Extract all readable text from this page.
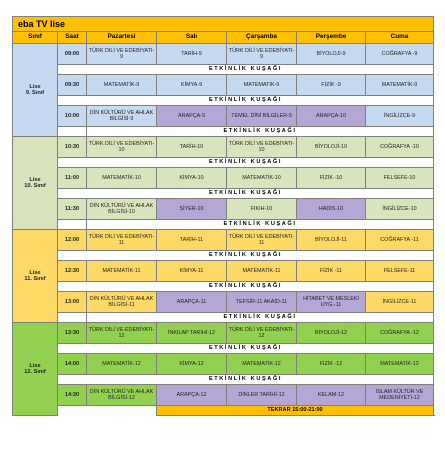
eba TV lise						
Sınıf	Saat	Pazartesi	Salı	Çarşamba	Perşembe	Cuma

Lise
9. Sınıf	09:00	TÜRK DİLİ VE EDEBİYATI-9	TARİH-9	TÜRK DİLİ VE EDEBİYATI-9	BİYOLOJİ-9	COĞRAFYA -9
	ETKİNLİK KUŞAĞI					
	09:30	MATEMATİK-9	KİMYA-9	MATEMATİK-9	FİZİK -9	MATEMATİK-9
	ETKİNLİK KUŞAĞI					
	10:00	DİN KÜLTÜRÜ VE AHLAK BİLGİSİ-9	ARAPÇA-9	TEMEL DİNİ BİLGİLER-9	ARAPÇA-10	İNGİLİZCE-9
		ETKİNLİK KUŞAĞI				

Lise
10. Sınıf	10:30	TÜRK DİLİ VE EDEBİYATI-10	TARİH-10	TÜRK DİLİ VE EDEBİYATI-10	BİYOLOJİ-10	COĞRAFYA -10
	ETKİNLİK KUŞAĞI					
	11:00	MATEMATİK-10	KİMYA-10	MATEMATİK-10	FİZİK -10	FELSEFE-10
	ETKİNLİK KUŞAĞI					
	11:30	DİN KÜLTÜRÜ VE AHLAK BİLGİSİ-10	SİYER-10	FIKIH-10	HADİS-10	İNGİLİZCE-10
		ETKİNLİK KUŞAĞI				

Lise
11. Sınıf	12:00	TÜRK DİLİ VE EDEBİYATI-11	TARİH-11	TÜRK DİLİ VE EDEBİYATI-11	BİYOLOJİ-11	COĞRAFYA -11
	ETKİNLİK KUŞAĞI					
	12:30	MATEMATİK-11	KİMYA-11	MATEMATİK-11	FİZİK -11	FELSEFE-11
	ETKİNLİK KUŞAĞI					
	13:00	DİN KÜLTÜRÜ VE AHLAK BİLGİSİ-11	ARAPÇA-11	TEFSİR-11 AKAİD-11	HİTABET VE MESLEKİ UYG.-11	İNGİLİZCE-11
		ETKİNLİK KUŞAĞI				

Lise
12. Sınıf	13:30	TÜRK DİLİ VE EDEBİYATI-12	İNKILAP TARİHİ-12	TÜRK DİLİ VE EDEBİYATI-12	BİYOLOJİ-12	COĞRAFYA -12
	ETKİNLİK KUŞAĞI					
	14:00	MATEMATİK-12	KİMYA-12	MATEMATİK-12	FİZİK -12	MATEMATİK-12
	ETKİNLİK KUŞAĞI					
	14:30	DİN KÜLTÜRÜ VE AHLAK BİLGİSİ-12	ARAPÇA-12	DİNLER TARİHİ-12	KELAM-12	İSLAM KÜLTÜR VE MEDENİYETİ-12
			TEKRAR 15:00-21:00			
